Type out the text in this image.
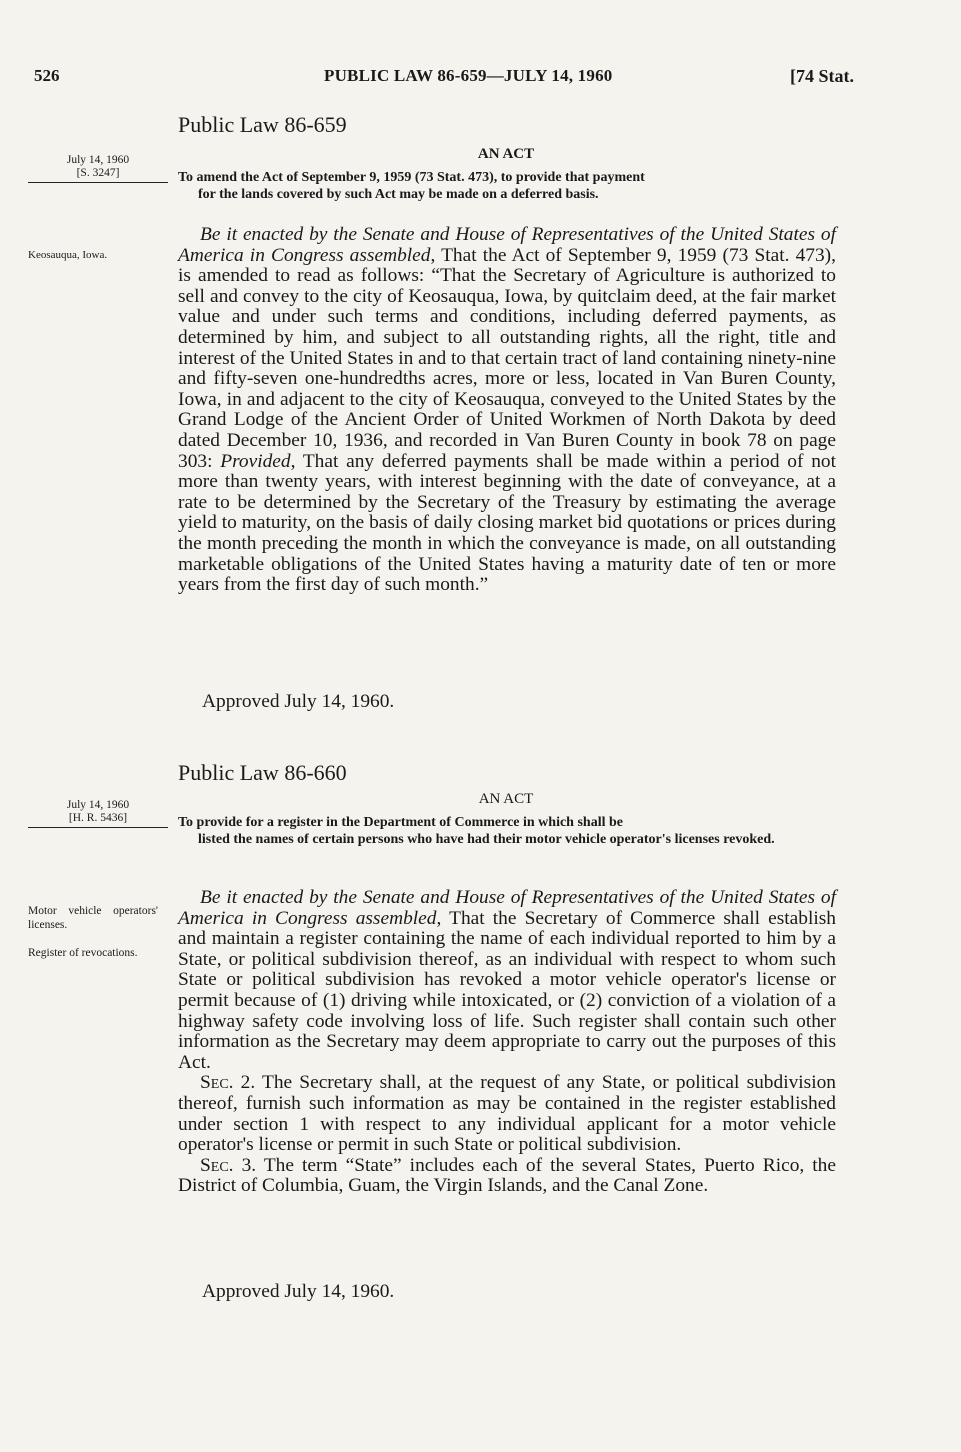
526	PUBLIC LAW 86-659—JULY 14, 1960	[74 Stat.
Public Law 86-659
July 14, 1960
[S. 3247]
AN ACT
To amend the Act of September 9, 1959 (73 Stat. 473), to provide that payment
for the lands covered by such Act may be made on a deferred basis.
Keosauqua, Iowa.

Be it enacted by the Senate and House of Representatives of the United States of America in Congress assembled, That the Act of September 9, 1959 (73 Stat. 473), is amended to read as follows: “That the Secretary of Agriculture is authorized to sell and convey to the city of Keosauqua, Iowa, by quitclaim deed, at the fair market value and under such terms and conditions, including deferred payments, as determined by him, and subject to all outstanding rights, all the right, title and interest of the United States in and to that certain tract of land containing ninety-nine and fifty-seven one-hundredths acres, more or less, located in Van Buren County, Iowa, in and adjacent to the city of Keosauqua, conveyed to the United States by the Grand Lodge of the Ancient Order of United Workmen of North Dakota by deed dated December 10, 1936, and recorded in Van Buren County in book 78 on page 303: Provided, That any deferred payments shall be made within a period of not more than twenty years, with interest beginning with the date of conveyance, at a rate to be determined by the Secretary of the Treasury by estimating the average yield to maturity, on the basis of daily closing market bid quotations or prices during the month preceding the month in which the conveyance is made, on all outstanding marketable obligations of the United States having a maturity date of ten or more years from the first day of such month.”

Approved July 14, 1960.
Public Law 86-660
July 14, 1960
[H. R. 5436]
AN ACT
To provide for a register in the Department of Commerce in which shall be
listed the names of certain persons who have had their motor vehicle operator's licenses revoked.
Motor vehicle operators' licenses.
Register of revocations.

Be it enacted by the Senate and House of Representatives of the United States of America in Congress assembled, That the Secretary of Commerce shall establish and maintain a register containing the name of each individual reported to him by a State, or political subdivision thereof, as an individual with respect to whom such State or political subdivision has revoked a motor vehicle operator's license or permit because of (1) driving while intoxicated, or (2) conviction of a violation of a highway safety code involving loss of life. Such register shall contain such other information as the Secretary may deem appropriate to carry out the purposes of this Act.

Sec. 2. The Secretary shall, at the request of any State, or political subdivision thereof, furnish such information as may be contained in the register established under section 1 with respect to any individual applicant for a motor vehicle operator's license or permit in such State or political subdivision.

Sec. 3. The term “State” includes each of the several States, Puerto Rico, the District of Columbia, Guam, the Virgin Islands, and the Canal Zone.

Approved July 14, 1960.
